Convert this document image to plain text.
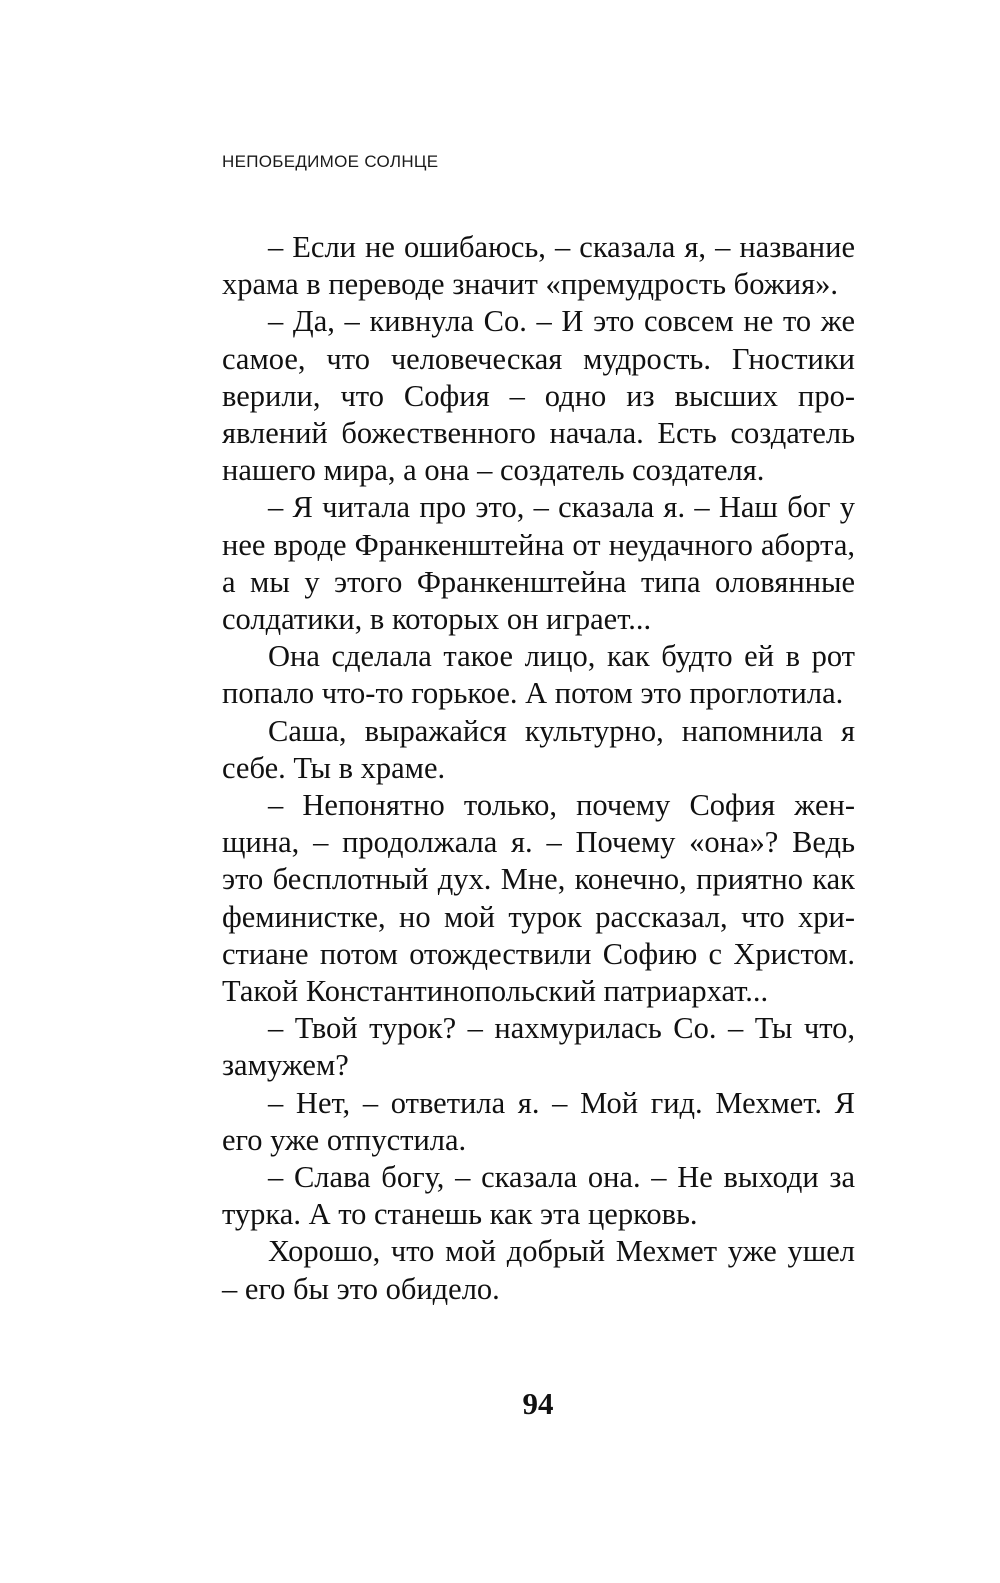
НЕПОБЕДИМОЕ СОЛНЦЕ

– Если не ошибаюсь, – сказала я, – название храма в переводе значит «премудрость божия».

– Да, – кивнула Со. – И это совсем не то же самое, что человеческая мудрость. Гностики верили, что София – одно из высших проявлений божественного начала. Есть создатель нашего мира, а она – создатель создателя.

– Я читала про это, – сказала я. – Наш бог у нее вроде Франкенштейна от неудачного аборта, а мы у этого Франкенштейна типа оловянные солдатики, в которых он играет...

Она сделала такое лицо, как будто ей в рот попало что-то горькое. А потом это проглотила.

Саша, выражайся культурно, напомнила я себе. Ты в храме.

– Непонятно только, почему София женщина, – продолжала я. – Почему «она»? Ведь это бесплотный дух. Мне, конечно, приятно как феминистке, но мой турок рассказал, что христиане потом отождествили Софию с Христом. Такой Константинопольский патриархат...

– Твой турок? – нахмурилась Со. – Ты что, замужем?

– Нет, – ответила я. – Мой гид. Мехмет. Я его уже отпустила.

– Слава богу, – сказала она. – Не выходи за турка. А то станешь как эта церковь.

Хорошо, что мой добрый Мехмет уже ушел – его бы это обидело.

94
